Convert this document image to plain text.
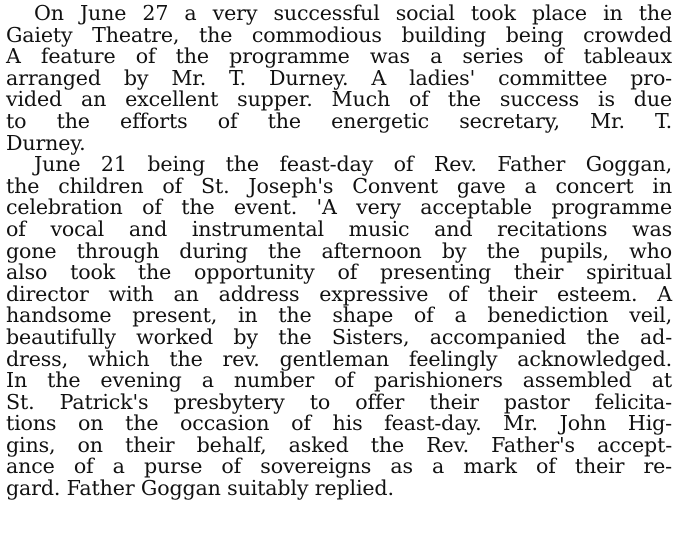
On June 27 a very successful social took place in the
Gaiety Theatre, the commodious building being crowded
A feature of the programme was a series of tableaux
arranged by Mr. T. Durney. A ladies' committee pro-
vided an excellent supper. Much of the success is due
to the efforts of the energetic secretary, Mr. T.
Durney.
June 21 being the feast-day of Rev. Father Goggan,
the children of St. Joseph's Convent gave a concert in
celebration of the event. 'A very acceptable programme
of vocal and instrumental music and recitations was
gone through during the afternoon by the pupils, who
also took the opportunity of presenting their spiritual
director with an address expressive of their esteem. A
handsome present, in the shape of a benediction veil,
beautifully worked by the Sisters, accompanied the ad-
dress, which the rev. gentleman feelingly acknowledged.
In the evening a number of parishioners assembled at
St. Patrick's presbytery to offer their pastor felicita-
tions on the occasion of his feast-day. Mr. John Hig-
gins, on their behalf, asked the Rev. Father's accept-
ance of a purse of sovereigns as a mark of their re-
gard. Father Goggan suitably replied.
